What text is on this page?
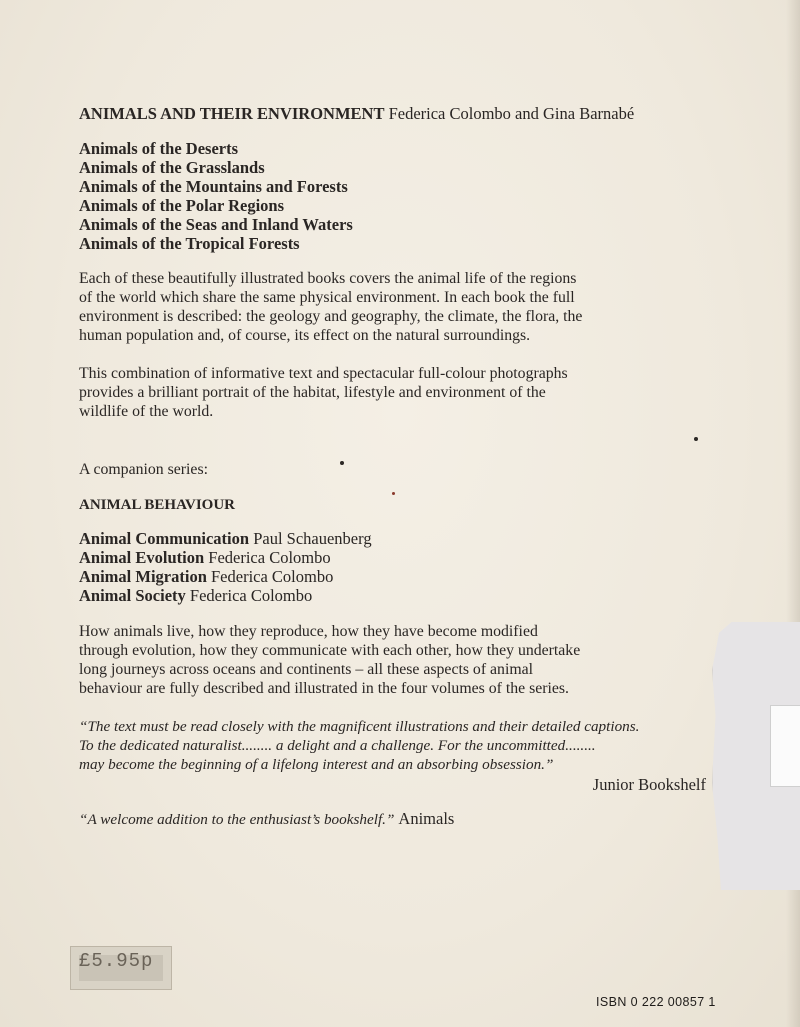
ANIMALS AND THEIR ENVIRONMENT Federica Colombo and Gina Barnabé
Animals of the Deserts
Animals of the Grasslands
Animals of the Mountains and Forests
Animals of the Polar Regions
Animals of the Seas and Inland Waters
Animals of the Tropical Forests
Each of these beautifully illustrated books covers the animal life of the regions
of the world which share the same physical environment. In each book the full
environment is described: the geology and geography, the climate, the flora, the
human population and, of course, its effect on the natural surroundings.
This combination of informative text and spectacular full-colour photographs
provides a brilliant portrait of the habitat, lifestyle and environment of the
wildlife of the world.
A companion series:
ANIMAL BEHAVIOUR
Animal Communication Paul Schauenberg
Animal Evolution Federica Colombo
Animal Migration Federica Colombo
Animal Society Federica Colombo
How animals live, how they reproduce, how they have become modified
through evolution, how they communicate with each other, how they undertake
long journeys across oceans and continents – all these aspects of animal
behaviour are fully described and illustrated in the four volumes of the series.
“The text must be read closely with the magnificent illustrations and their detailed captions.
To the dedicated naturalist........ a delight and a challenge. For the uncommitted........
may become the beginning of a lifelong interest and an absorbing obsession.”
Junior Bookshelf
“A welcome addition to the enthusiast’s bookshelf.” Animals
£5.95p
ISBN 0 222 00857 1
